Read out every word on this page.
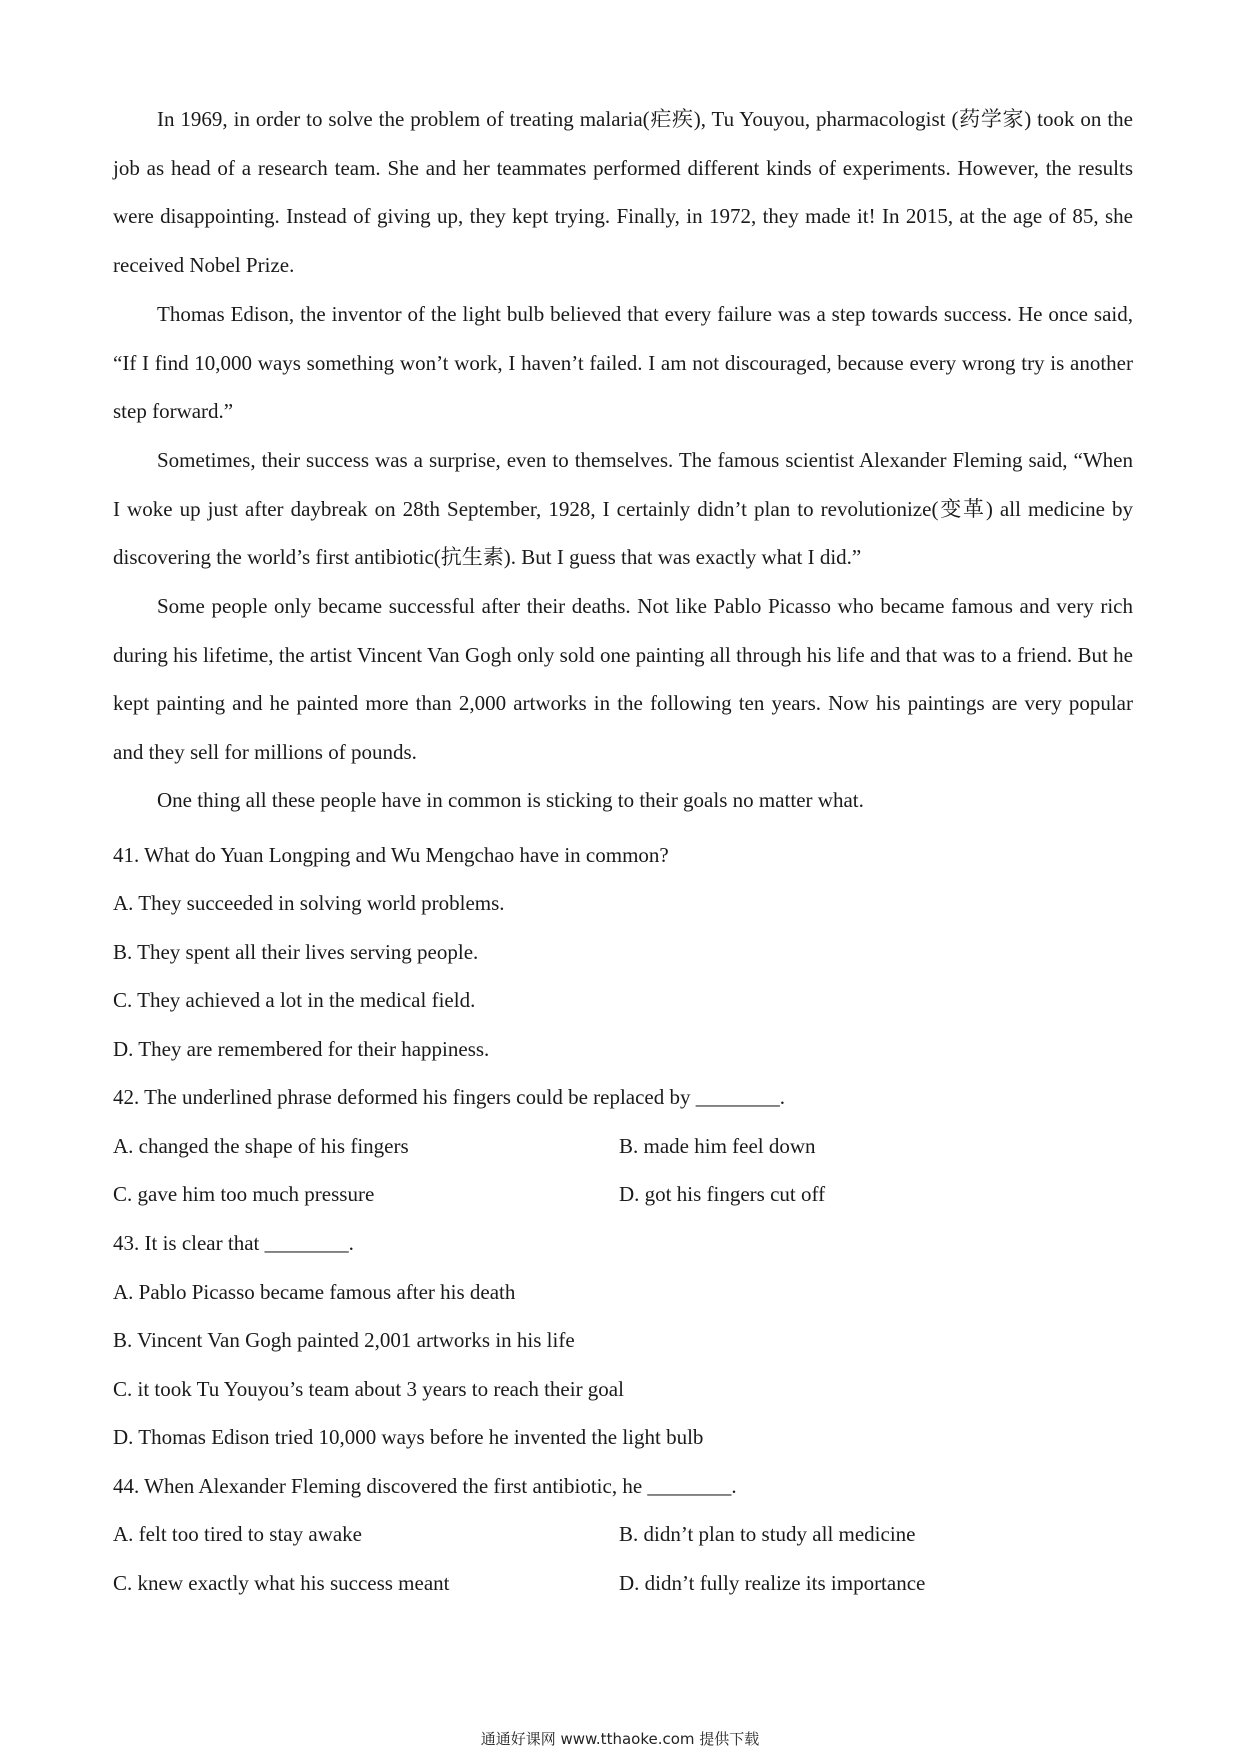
In 1969, in order to solve the problem of treating malaria(疟疾), Tu Youyou, pharmacologist (药学家) took on the job as head of a research team. She and her teammates performed different kinds of experiments. However, the results were disappointing. Instead of giving up, they kept trying. Finally, in 1972, they made it! In 2015, at the age of 85, she received Nobel Prize.

Thomas Edison, the inventor of the light bulb believed that every failure was a step towards success. He once said, “If I find 10,000 ways something won’t work, I haven’t failed. I am not discouraged, because every wrong try is another step forward.”

Sometimes, their success was a surprise, even to themselves. The famous scientist Alexander Fleming said, “When I woke up just after daybreak on 28th September, 1928, I certainly didn’t plan to revolutionize(变革) all medicine by discovering the world’s first antibiotic(抗生素). But I guess that was exactly what I did.”

Some people only became successful after their deaths. Not like Pablo Picasso who became famous and very rich during his lifetime, the artist Vincent Van Gogh only sold one painting all through his life and that was to a friend. But he kept painting and he painted more than 2,000 artworks in the following ten years. Now his paintings are very popular and they sell for millions of pounds.

One thing all these people have in common is sticking to their goals no matter what.

41. What do Yuan Longping and Wu Mengchao have in common?
A. They succeeded in solving world problems.
B. They spent all their lives serving people.
C. They achieved a lot in the medical field.
D. They are remembered for their happiness.
42. The underlined phrase deformed his fingers could be replaced by ________.
A. changed the shape of his fingers	B. made him feel down
C. gave him too much pressure	D. got his fingers cut off
43. It is clear that ________.
A. Pablo Picasso became famous after his death
B. Vincent Van Gogh painted 2,001 artworks in his life
C. it took Tu Youyou’s team about 3 years to reach their goal
D. Thomas Edison tried 10,000 ways before he invented the light bulb
44. When Alexander Fleming discovered the first antibiotic, he ________.
A. felt too tired to stay awake	B. didn’t plan to study all medicine
C. knew exactly what his success meant	D. didn’t fully realize its importance
通通好课网 www.tthaoke.com 提供下载
